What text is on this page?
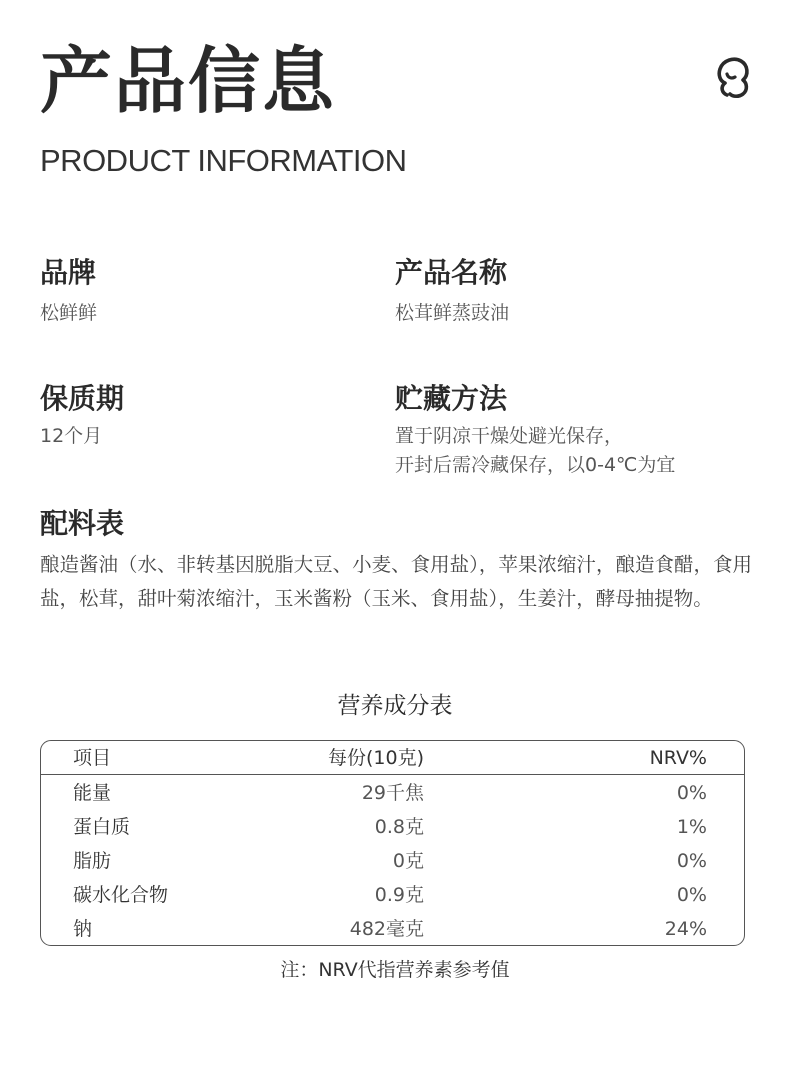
产品信息
PRODUCT INFORMATION
品牌
松鲜鲜
产品名称
松茸鲜蒸豉油
保质期
12个月
贮藏方法
置于阴凉干燥处避光保存，
开封后需冷藏保存，以0-4℃为宜
配料表
酿造酱油（水、非转基因脱脂大豆、小麦、食用盐），苹果浓缩汁，酿造食醋，食用盐，松茸，甜叶菊浓缩汁，玉米酱粉（玉米、食用盐），生姜汁，酵母抽提物。
营养成分表
项目	每份(10克)	NRV%
能量	29千焦	0%
蛋白质	0.8克	1%
脂肪	0克	0%
碳水化合物	0.9克	0%
钠	482毫克	24%
注：NRV代指营养素参考值
